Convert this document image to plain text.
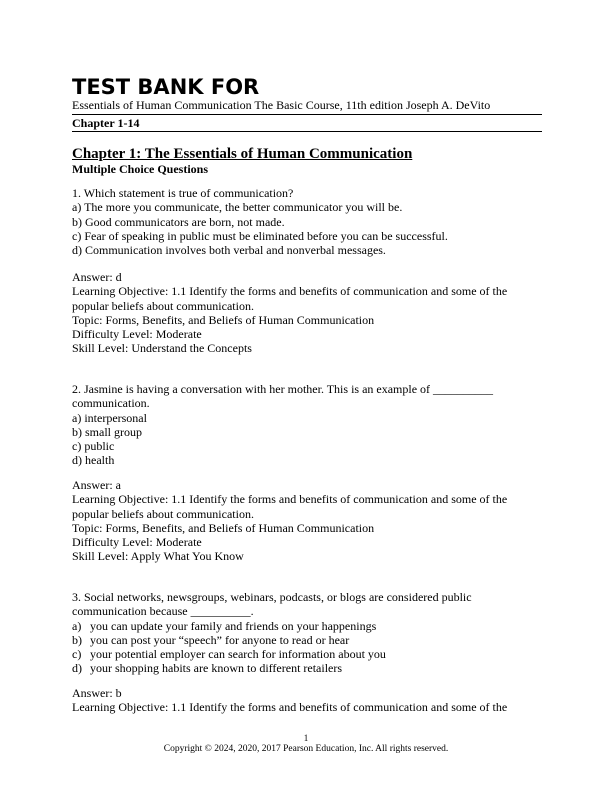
TEST BANK FOR
Essentials of Human Communication The Basic Course, 11th edition Joseph A. DeVito
Chapter 1-14
Chapter 1: The Essentials of Human Communication
Multiple Choice Questions

1. Which statement is true of communication?

a) The more you communicate, the better communicator you will be.
b) Good communicators are born, not made.
c) Fear of speaking in public must be eliminated before you can be successful.
d) Communication involves both verbal and nonverbal messages.

Answer: d

Learning Objective: 1.1 Identify the forms and benefits of communication and some of the popular beliefs about communication.

Topic: Forms, Benefits, and Beliefs of Human Communication

Difficulty Level: Moderate

Skill Level: Understand the Concepts

2. Jasmine is having a conversation with her mother. This is an example of __________ communication.

a) interpersonal
b) small group
c) public
d) health

Answer: a

Learning Objective: 1.1 Identify the forms and benefits of communication and some of the popular beliefs about communication.

Topic: Forms, Benefits, and Beliefs of Human Communication

Difficulty Level: Moderate

Skill Level: Apply What You Know

3. Social networks, newsgroups, webinars, podcasts, or blogs are considered public communication because __________.

a) you can update your family and friends on your happenings
b) you can post your “speech” for anyone to read or hear
c) your potential employer can search for information about you
d) your shopping habits are known to different retailers

Answer: b

Learning Objective: 1.1 Identify the forms and benefits of communication and some of the

1
Copyright © 2024, 2020, 2017 Pearson Education, Inc. All rights reserved.
